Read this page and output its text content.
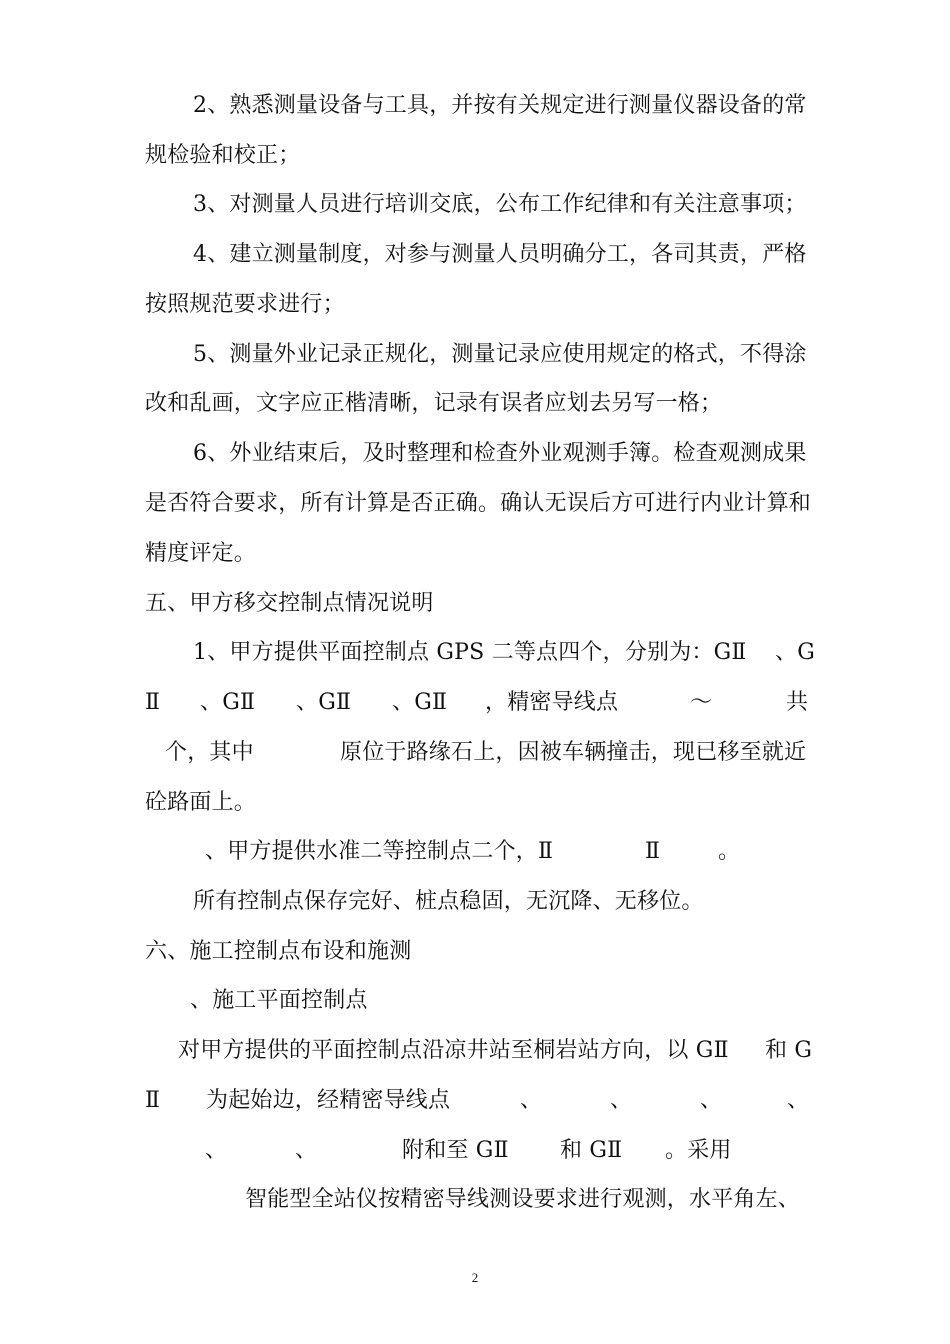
2、熟悉测量设备与工具，并按有关规定进行测量仪器设备的常
规检验和校正；
3、对测量人员进行培训交底，公布工作纪律和有关注意事项；
4、建立测量制度，对参与测量人员明确分工，各司其责，严格
按照规范要求进行；
5、测量外业记录正规化，测量记录应使用规定的格式，不得涂
改和乱画，文字应正楷清晰，记录有误者应划去另写一格；
6、外业结束后，及时整理和检查外业观测手簿。检查观测成果
是否符合要求，所有计算是否正确。确认无误后方可进行内业计算和
精度评定。
五、甲方移交控制点情况说明
1、甲方提供平面控制点 GPS 二等点四个，分别为：GⅡ 、G
Ⅱ 、GⅡ 、GⅡ 、GⅡ ，精密导线点	～	共
个，其中	原位于路缘石上，因被车辆撞击，现已移至就近
砼路面上。
、甲方提供水准二等控制点二个，Ⅱ	Ⅱ	。
所有控制点保存完好、桩点稳固，无沉降、无移位。
六、施工控制点布设和施测
、施工平面控制点
对甲方提供的平面控制点沿凉井站至桐岩站方向，以 GⅡ 和 G
Ⅱ 为起始边，经精密导线点	、	、	、	、
、	、	附和至 GⅡ 和 GⅡ 。采用
智能型全站仪按精密导线测设要求进行观测，水平角左、
2
